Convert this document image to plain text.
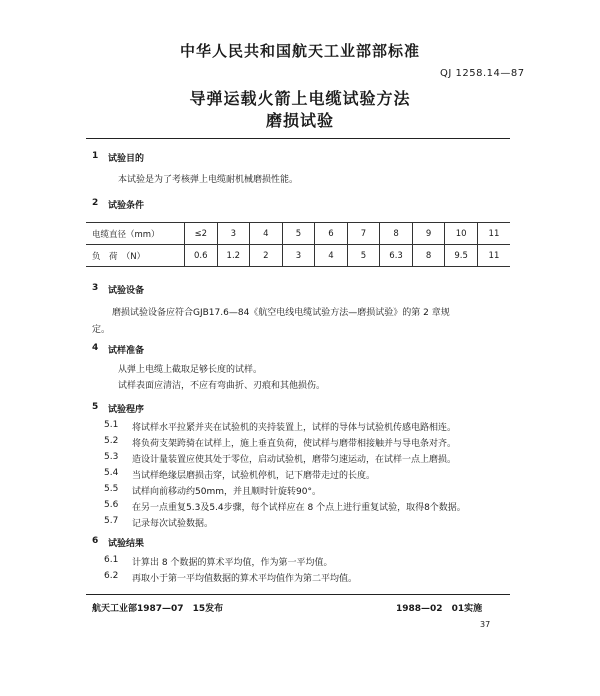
中华人民共和国航天工业部部标准
QJ 1258.14—87
导弹运载火箭上电缆试验方法
磨损试验
1 试验目的
本试验是为了考核弹上电缆耐机械磨损性能。
2 试验条件
电缆直径（mm）	≤2	3	4	5	6	7	8	9	10	11
负　荷　（N）	0.6	1.2	2	3	4	5	6.3	8	9.5	11
3 试验设备
磨损试验设备应符合GJB17.6—84《航空电线电缆试验方法—磨损试验》的第 2 章规
定。
4 试样准备
从弹上电缆上截取足够长度的试样。
试样表面应清洁，不应有弯曲折、刃痕和其他损伤。
5 试验程序
5.1 将试样水平拉紧并夹在试验机的夹持装置上，试样的导体与试验机传感电路相连。
5.2 将负荷支架跨骑在试样上，施上垂直负荷，使试样与磨带相接触并与导电条对齐。
5.3 造设计量装置应使其处于零位，启动试验机，磨带匀速运动，在试样一点上磨损。
5.4 当试样绝缘层磨损击穿，试验机停机，记下磨带走过的长度。
5.5 试样向前移动约50mm，并且顺时针旋转90°。
5.6 在另一点重复5.3及5.4步骤，每个试样应在 8 个点上进行重复试验，取得8个数据。
5.7 记录每次试验数据。
6 试验结果
6.1 计算出 8 个数据的算术平均值，作为第一平均值。
6.2 再取小于第一平均值数据的算术平均值作为第二平均值。
航天工业部1987—07　15发布	1988—02　01实施
37
